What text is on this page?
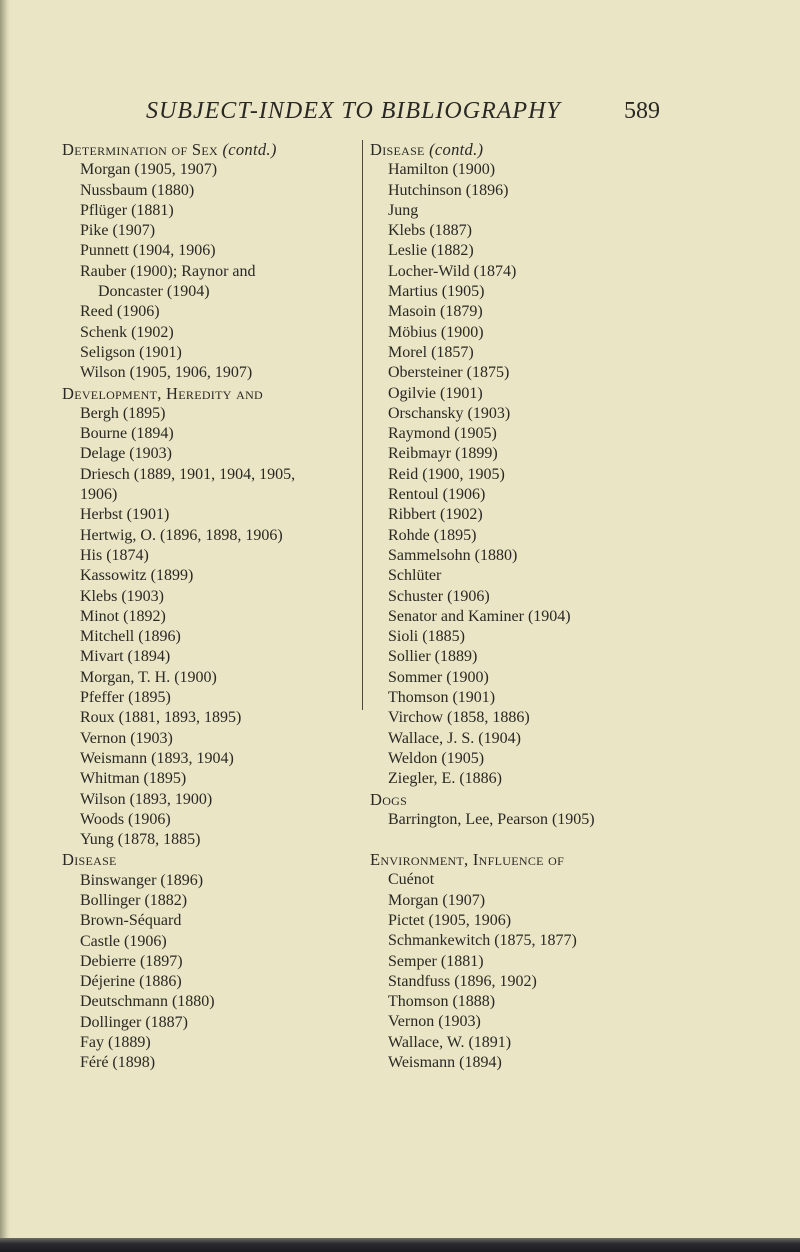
SUBJECT-INDEX TO BIBLIOGRAPHY	589
Determination of Sex (contd.)
Morgan (1905, 1907)
Nussbaum (1880)
Pflüger (1881)
Pike (1907)
Punnett (1904, 1906)
Rauber (1900); Raynor and
Doncaster (1904)
Reed (1906)
Schenk (1902)
Seligson (1901)
Wilson (1905, 1906, 1907)
Development, Heredity and
Bergh (1895)
Bourne (1894)
Delage (1903)
Driesch (1889, 1901, 1904, 1905,
1906)
Herbst (1901)
Hertwig, O. (1896, 1898, 1906)
His (1874)
Kassowitz (1899)
Klebs (1903)
Minot (1892)
Mitchell (1896)
Mivart (1894)
Morgan, T. H. (1900)
Pfeffer (1895)
Roux (1881, 1893, 1895)
Vernon (1903)
Weismann (1893, 1904)
Whitman (1895)
Wilson (1893, 1900)
Woods (1906)
Yung (1878, 1885)
Disease
Binswanger (1896)
Bollinger (1882)
Brown-Séquard
Castle (1906)
Debierre (1897)
Déjerine (1886)
Deutschmann (1880)
Dollinger (1887)
Fay (1889)
Féré (1898)
Disease (contd.)
Hamilton (1900)
Hutchinson (1896)
Jung
Klebs (1887)
Leslie (1882)
Locher-Wild (1874)
Martius (1905)
Masoin (1879)
Möbius (1900)
Morel (1857)
Obersteiner (1875)
Ogilvie (1901)
Orschansky (1903)
Raymond (1905)
Reibmayr (1899)
Reid (1900, 1905)
Rentoul (1906)
Ribbert (1902)
Rohde (1895)
Sammelsohn (1880)
Schlüter
Schuster (1906)
Senator and Kaminer (1904)
Sioli (1885)
Sollier (1889)
Sommer (1900)
Thomson (1901)
Virchow (1858, 1886)
Wallace, J. S. (1904)
Weldon (1905)
Ziegler, E. (1886)
Dogs
Barrington, Lee, Pearson (1905)
Environment, Influence of
Cuénot
Morgan (1907)
Pictet (1905, 1906)
Schmankewitch (1875, 1877)
Semper (1881)
Standfuss (1896, 1902)
Thomson (1888)
Vernon (1903)
Wallace, W. (1891)
Weismann (1894)
